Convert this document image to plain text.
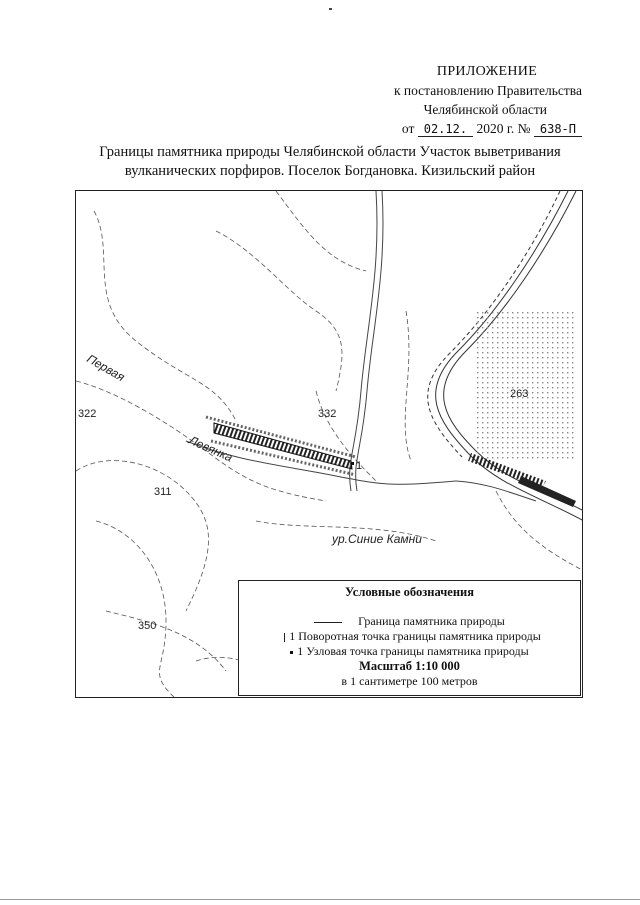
ПРИЛОЖЕНИЕ
к постановлению Правительства
Челябинской области
от 02.12. 2020 г. № 638-П
Границы памятника природы Челябинской области Участок выветривания
вулканических порфиров. Поселок Богдановка. Кизильский район
1
322	332
311
263
350
Первая
Левянка
ур.Синие Камни
Условные обозначения
Граница памятника природы
1 Поворотная точка границы памятника природы
1 Узловая точка границы памятника природы
Масштаб 1:10 000
в 1 сантиметре 100 метров
